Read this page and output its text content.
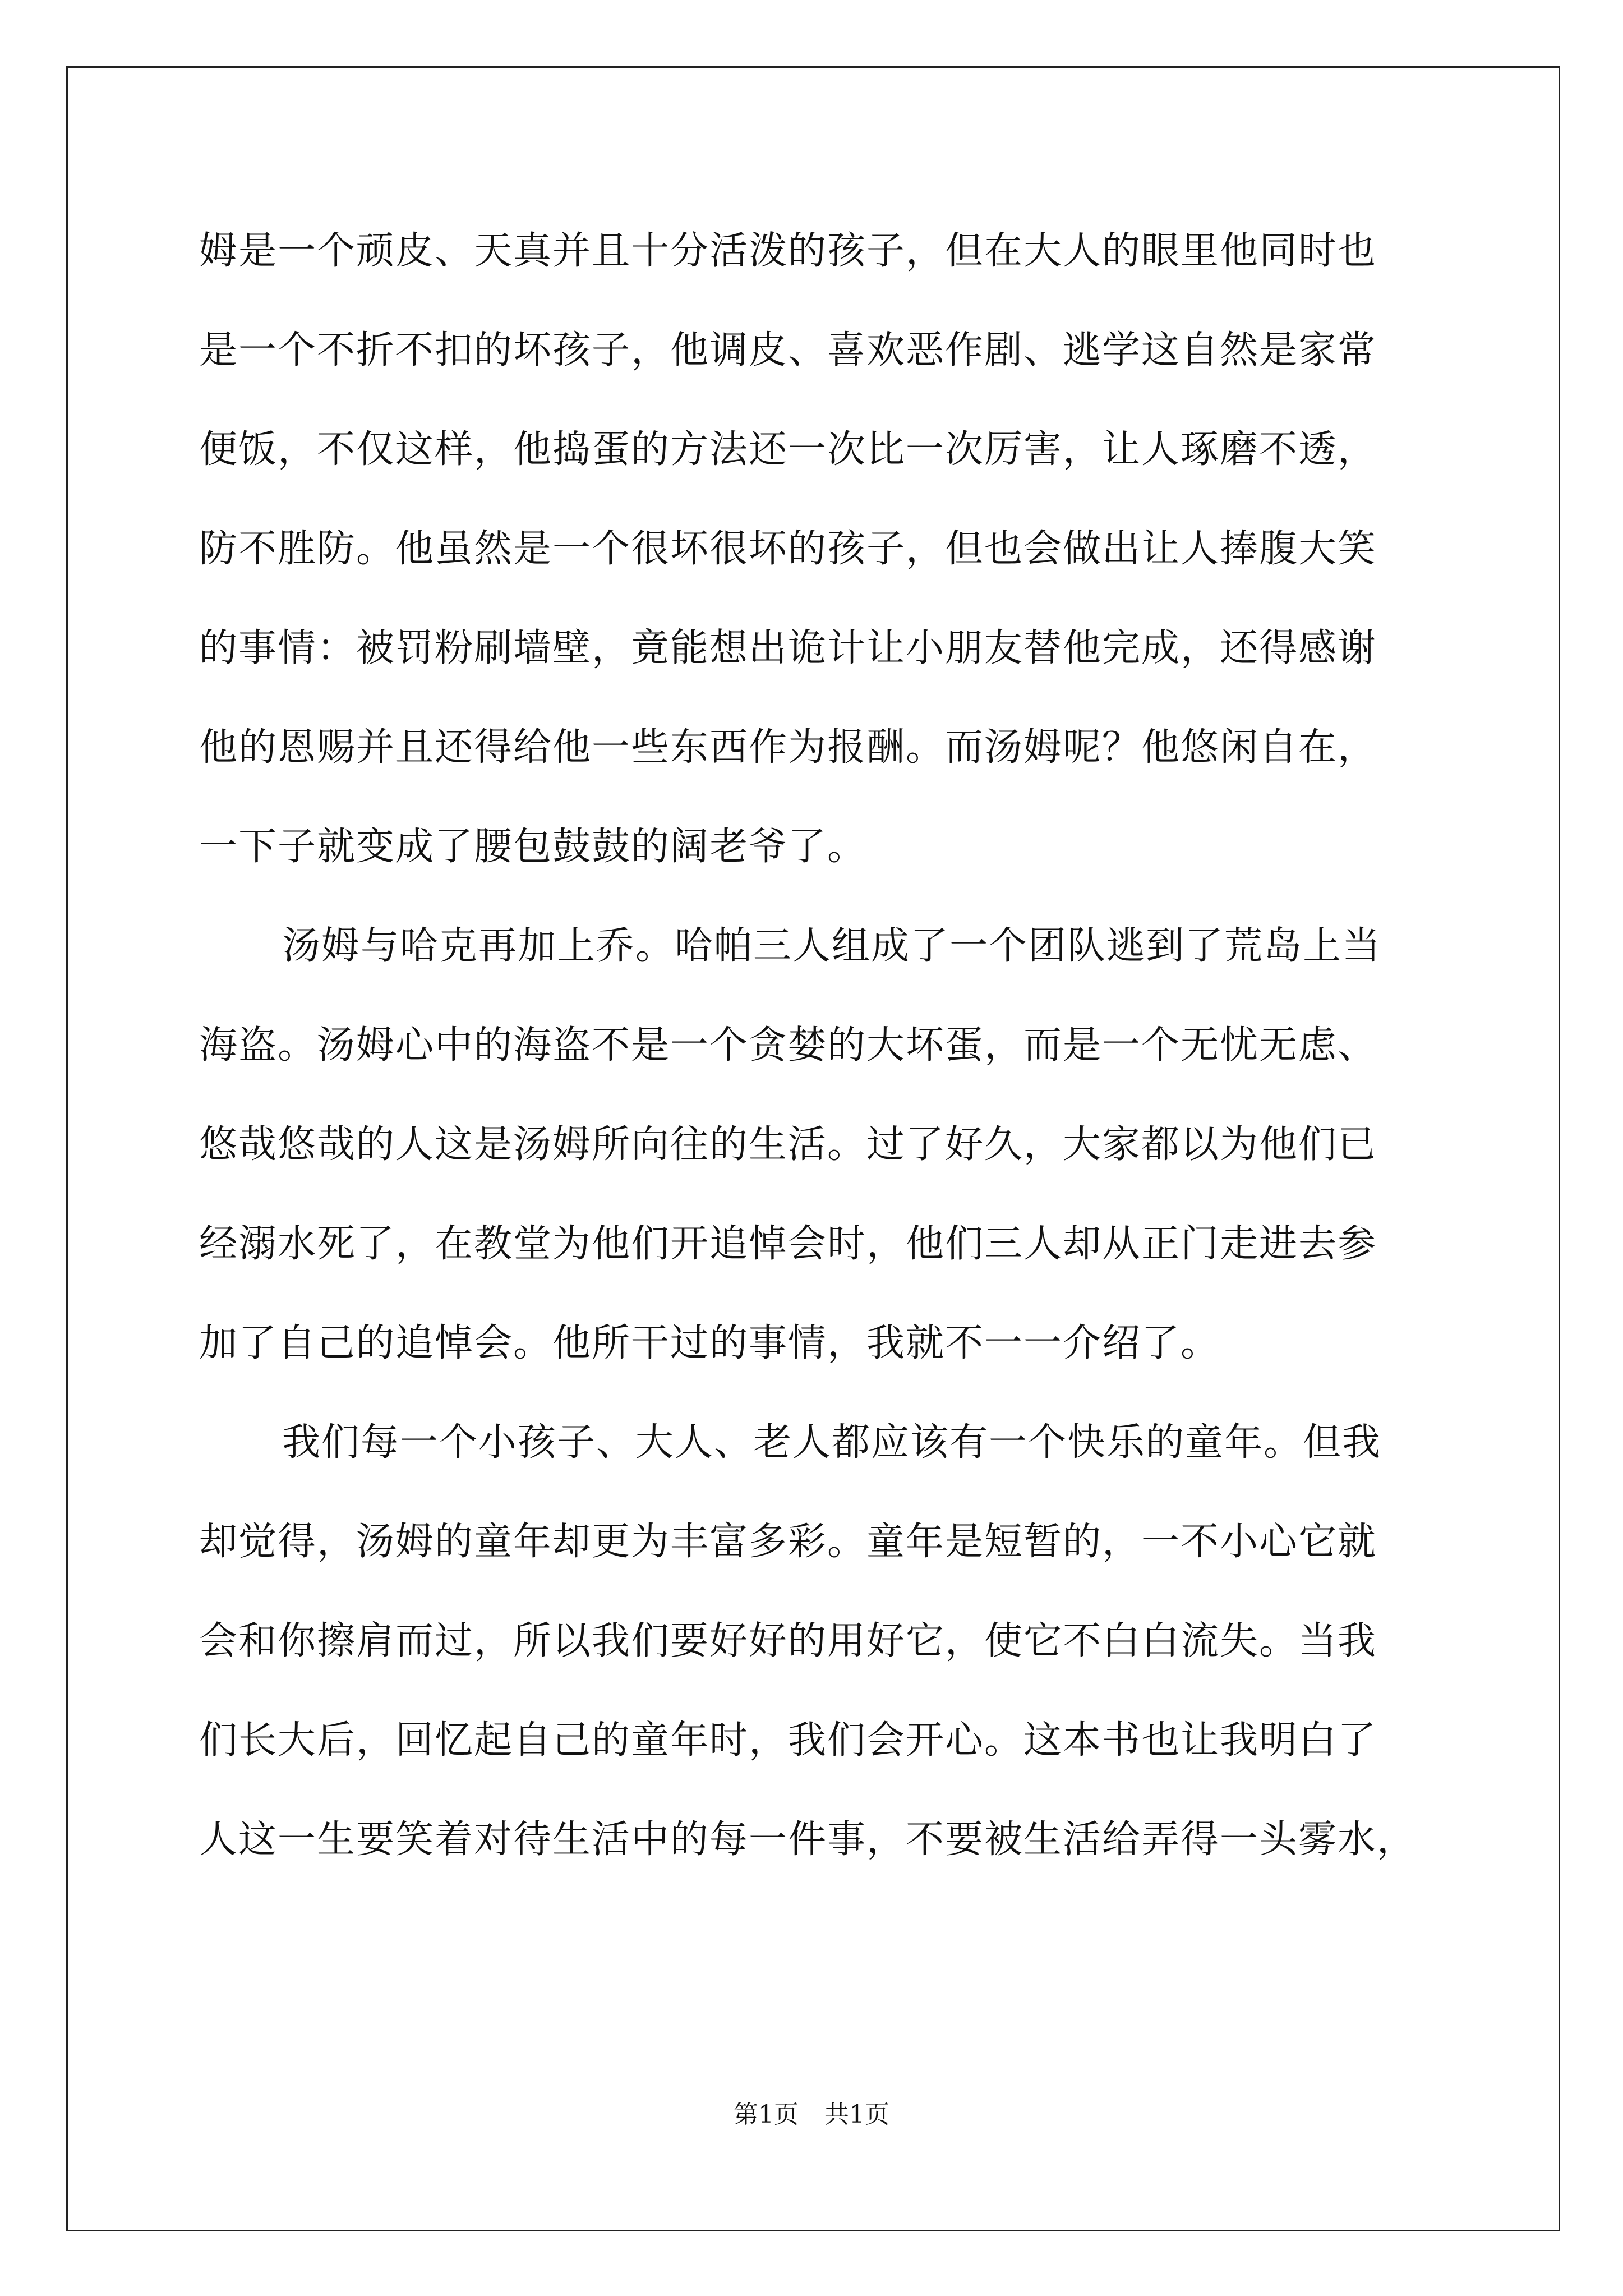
姆是一个顽皮、天真并且十分活泼的孩子，但在大人的眼里他同时也
是一个不折不扣的坏孩子，他调皮、喜欢恶作剧、逃学这自然是家常
便饭，不仅这样，他捣蛋的方法还一次比一次厉害，让人琢磨不透，
防不胜防。他虽然是一个很坏很坏的孩子，但也会做出让人捧腹大笑
的事情：被罚粉刷墙壁，竟能想出诡计让小朋友替他完成，还得感谢
他的恩赐并且还得给他一些东西作为报酬。而汤姆呢？他悠闲自在，
一下子就变成了腰包鼓鼓的阔老爷了。
汤姆与哈克再加上乔。哈帕三人组成了一个团队逃到了荒岛上当
海盗。汤姆心中的海盗不是一个贪婪的大坏蛋，而是一个无忧无虑、
悠哉悠哉的人这是汤姆所向往的生活。过了好久，大家都以为他们已
经溺水死了，在教堂为他们开追悼会时，他们三人却从正门走进去参
加了自己的追悼会。他所干过的事情，我就不一一介绍了。
我们每一个小孩子、大人、老人都应该有一个快乐的童年。但我
却觉得，汤姆的童年却更为丰富多彩。童年是短暂的，一不小心它就
会和你擦肩而过，所以我们要好好的用好它，使它不白白流失。当我
们长大后，回忆起自己的童年时，我们会开心。这本书也让我明白了
人这一生要笑着对待生活中的每一件事，不要被生活给弄得一头雾水，
第1页 共1页
